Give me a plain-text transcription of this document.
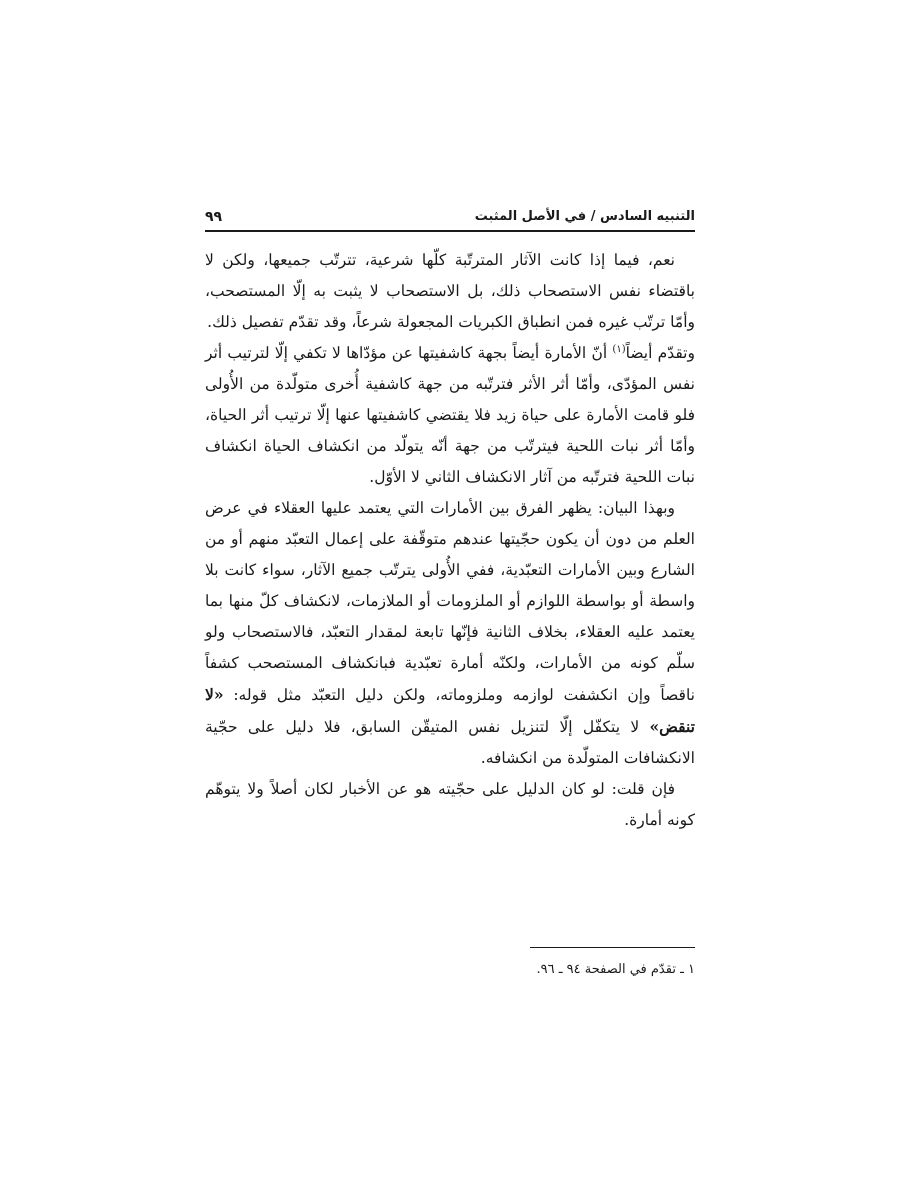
التنبيه السادس / في الأصل المثبت
٩٩

نعم، فيما إذا كانت الآثار المترتّبة كلّها شرعية، تترتّب جميعها، ولكن لا باقتضاء نفس الاستصحاب ذلك، بل الاستصحاب لا يثبت به إلّا المستصحب، وأمّا ترتّب غيره فمن انطباق الكبريات المجعولة شرعاً، وقد تقدّم تفصيل ذلك.

وتقدّم أيضاً$^{(١)}$ أنّ الأمارة أيضاً بجهة كاشفيتها عن مؤدّاها لا تكفي إلّا لترتيب أثر نفس المؤدّى، وأمّا أثر الأثر فترتّبه من جهة كاشفية أُخرى متولّدة من الأُولى فلو قامت الأمارة على حياة زيد فلا يقتضي كاشفيتها عنها إلّا ترتيب أثر الحياة، وأمّا أثر نبات اللحية فيترتّب من جهة أنّه يتولّد من انكشاف الحياة انكشاف نبات اللحية فترتّبه من آثار الانكشاف الثاني لا الأوّل.

وبهذا البيان: يظهر الفرق بين الأمارات التي يعتمد عليها العقلاء في عرض العلم من دون أن يكون حجّيتها عندهم متوقّفة على إعمال التعبّد منهم أو من الشارع وبين الأمارات التعبّدية، ففي الأُولى يترتّب جميع الآثار، سواء كانت بلا واسطة أو بواسطة اللوازم أو الملزومات أو الملازمات، لانكشاف كلّ منها بما يعتمد عليه العقلاء، بخلاف الثانية فإنّها تابعة لمقدار التعبّد، فالاستصحاب ولو سلّم كونه من الأمارات، ولكنّه أمارة تعبّدية فبانكشاف المستصحب كشفاً ناقصاً وإن انكشفت لوازمه وملزوماته، ولكن دليل التعبّد مثل قوله: «لا تنقض» لا يتكفّل إلّا لتنزيل نفس المتيقّن السابق، فلا دليل على حجّية الانكشافات المتولّدة من انكشافه.

فإن قلت: لو كان الدليل على حجّيته هو عن الأخبار لكان أصلاً ولا يتوهّم كونه أمارة.

١ ـ تقدّم في الصفحة ٩٤ ـ ٩٦.
